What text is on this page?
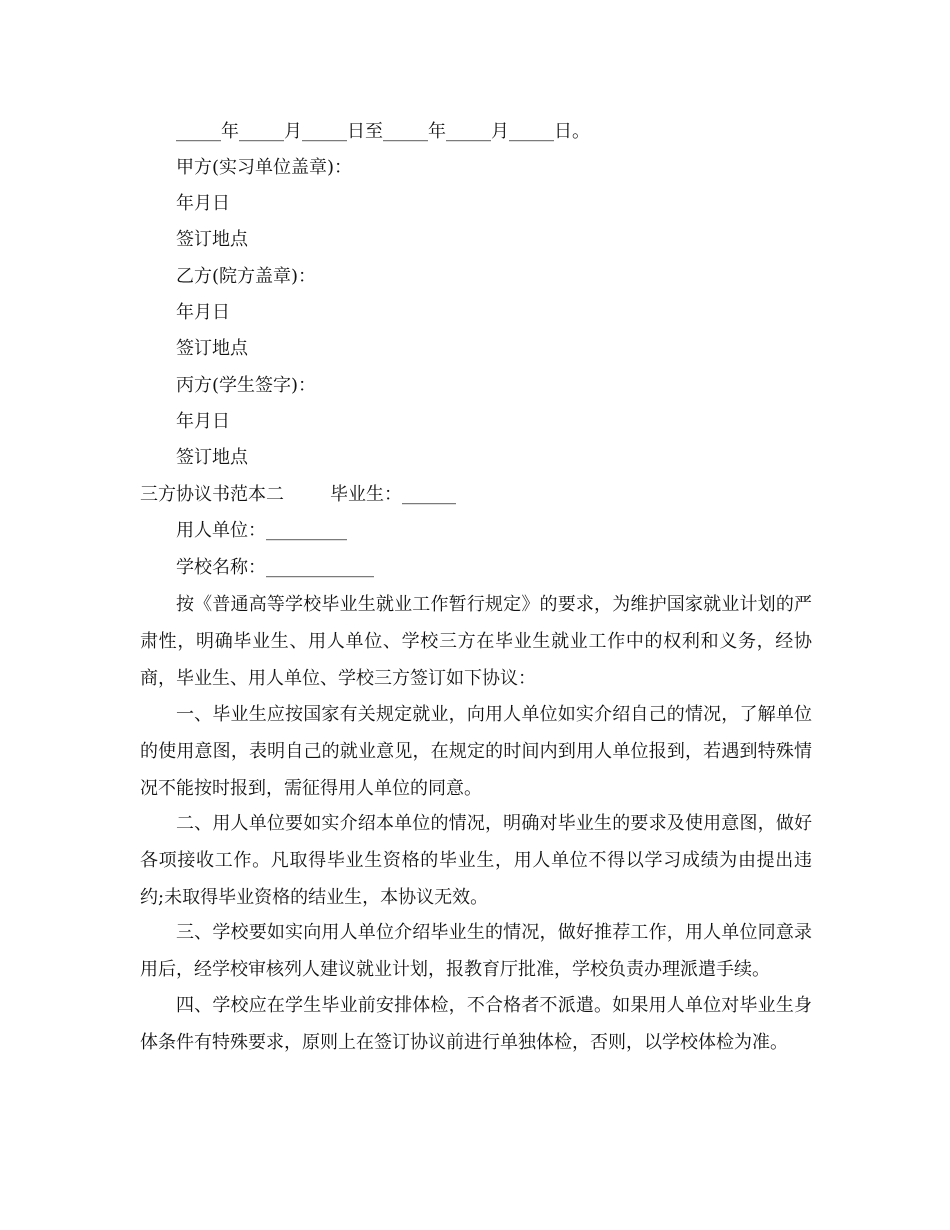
_____年_____月_____日至_____年_____月_____日。
甲方(实习单位盖章)：
年月日
签订地点
乙方(院方盖章)：
年月日
签订地点
丙方(学生签字)：
年月日
签订地点
三方协议书范本二	毕业生：______
用人单位：_________
学校名称：____________

按《普通高等学校毕业生就业工作暂行规定》的要求，为维护国家就业计划的严肃性，明确毕业生、用人单位、学校三方在毕业生就业工作中的权利和义务，经协商，毕业生、用人单位、学校三方签订如下协议：

一、毕业生应按国家有关规定就业，向用人单位如实介绍自己的情况，了解单位的使用意图，表明自己的就业意见，在规定的时间内到用人单位报到，若遇到特殊情况不能按时报到，需征得用人单位的同意。

二、用人单位要如实介绍本单位的情况，明确对毕业生的要求及使用意图，做好各项接收工作。凡取得毕业生资格的毕业生，用人单位不得以学习成绩为由提出违约;未取得毕业资格的结业生，本协议无效。

三、学校要如实向用人单位介绍毕业生的情况，做好推荐工作，用人单位同意录用后，经学校审核列人建议就业计划，报教育厅批准，学校负责办理派遣手续。

四、学校应在学生毕业前安排体检，不合格者不派遣。如果用人单位对毕业生身体条件有特殊要求，原则上在签订协议前进行单独体检，否则，以学校体检为准。
